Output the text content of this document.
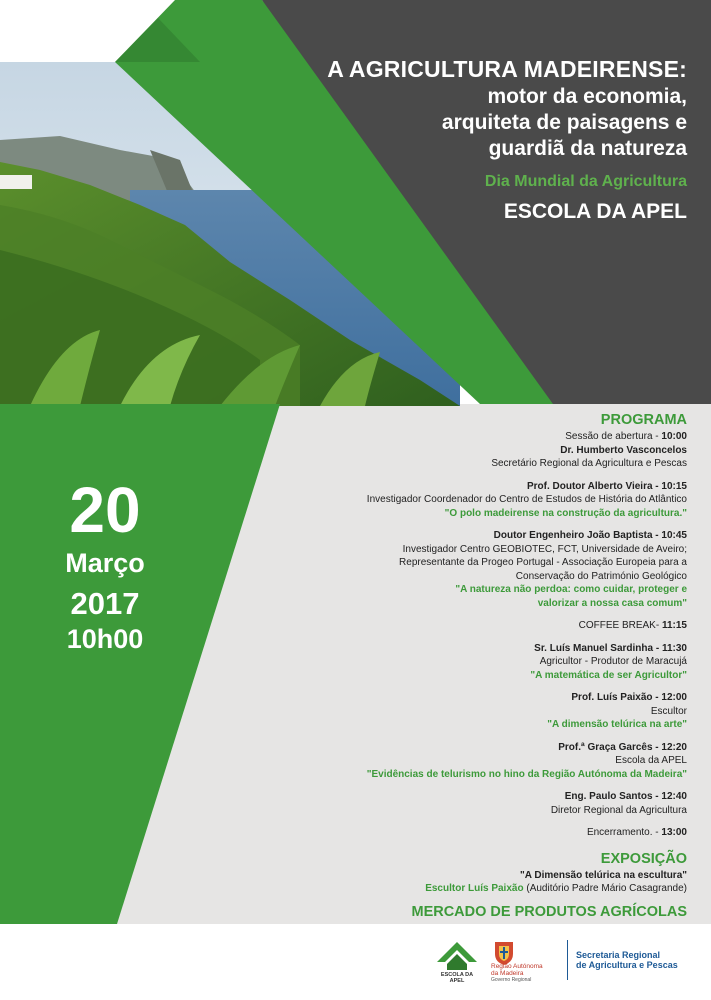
A AGRICULTURA MADEIRENSE:

motor da economia,

arquiteta de paisagens e

guardiã da natureza

Dia Mundial da Agricultura
ESCOLA DA APEL
20
Março
2017
10h00
PROGRAMA
Sessão de abertura - 10:00
Dr. Humberto Vasconcelos
Secretário Regional da Agricultura e Pescas
Prof. Doutor Alberto Vieira - 10:15
Investigador Coordenador do Centro de Estudos de História do Atlântico
"O polo madeirense na construção da agricultura."
Doutor Engenheiro João Baptista - 10:45
Investigador Centro GEOBIOTEC, FCT, Universidade de Aveiro;
Representante da Progeo Portugal - Associação Europeia para a
Conservação do Património Geológico
"A natureza não perdoa: como cuidar, proteger e
valorizar a nossa casa comum"
COFFEE BREAK- 11:15
Sr. Luís Manuel Sardinha - 11:30
Agricultor - Produtor de Maracujá
"A matemática de ser Agricultor"
Prof. Luís Paixão - 12:00
Escultor
"A dimensão telúrica na arte"
Prof.ª Graça Garcês - 12:20
Escola da APEL
"Evidências de telurismo no hino da Região Autónoma da Madeira"
Eng. Paulo Santos - 12:40
Diretor Regional da Agricultura
Encerramento. - 13:00
EXPOSIÇÃO
"A Dimensão telúrica na escultura"
Escultor Luís Paixão (Auditório Padre Mário Casagrande)
MERCADO DE PRODUTOS AGRÍCOLAS
ESCOLA DA APEL
Região Autónoma
da Madeira
Governo Regional
Secretaria Regional
de Agricultura e Pescas
